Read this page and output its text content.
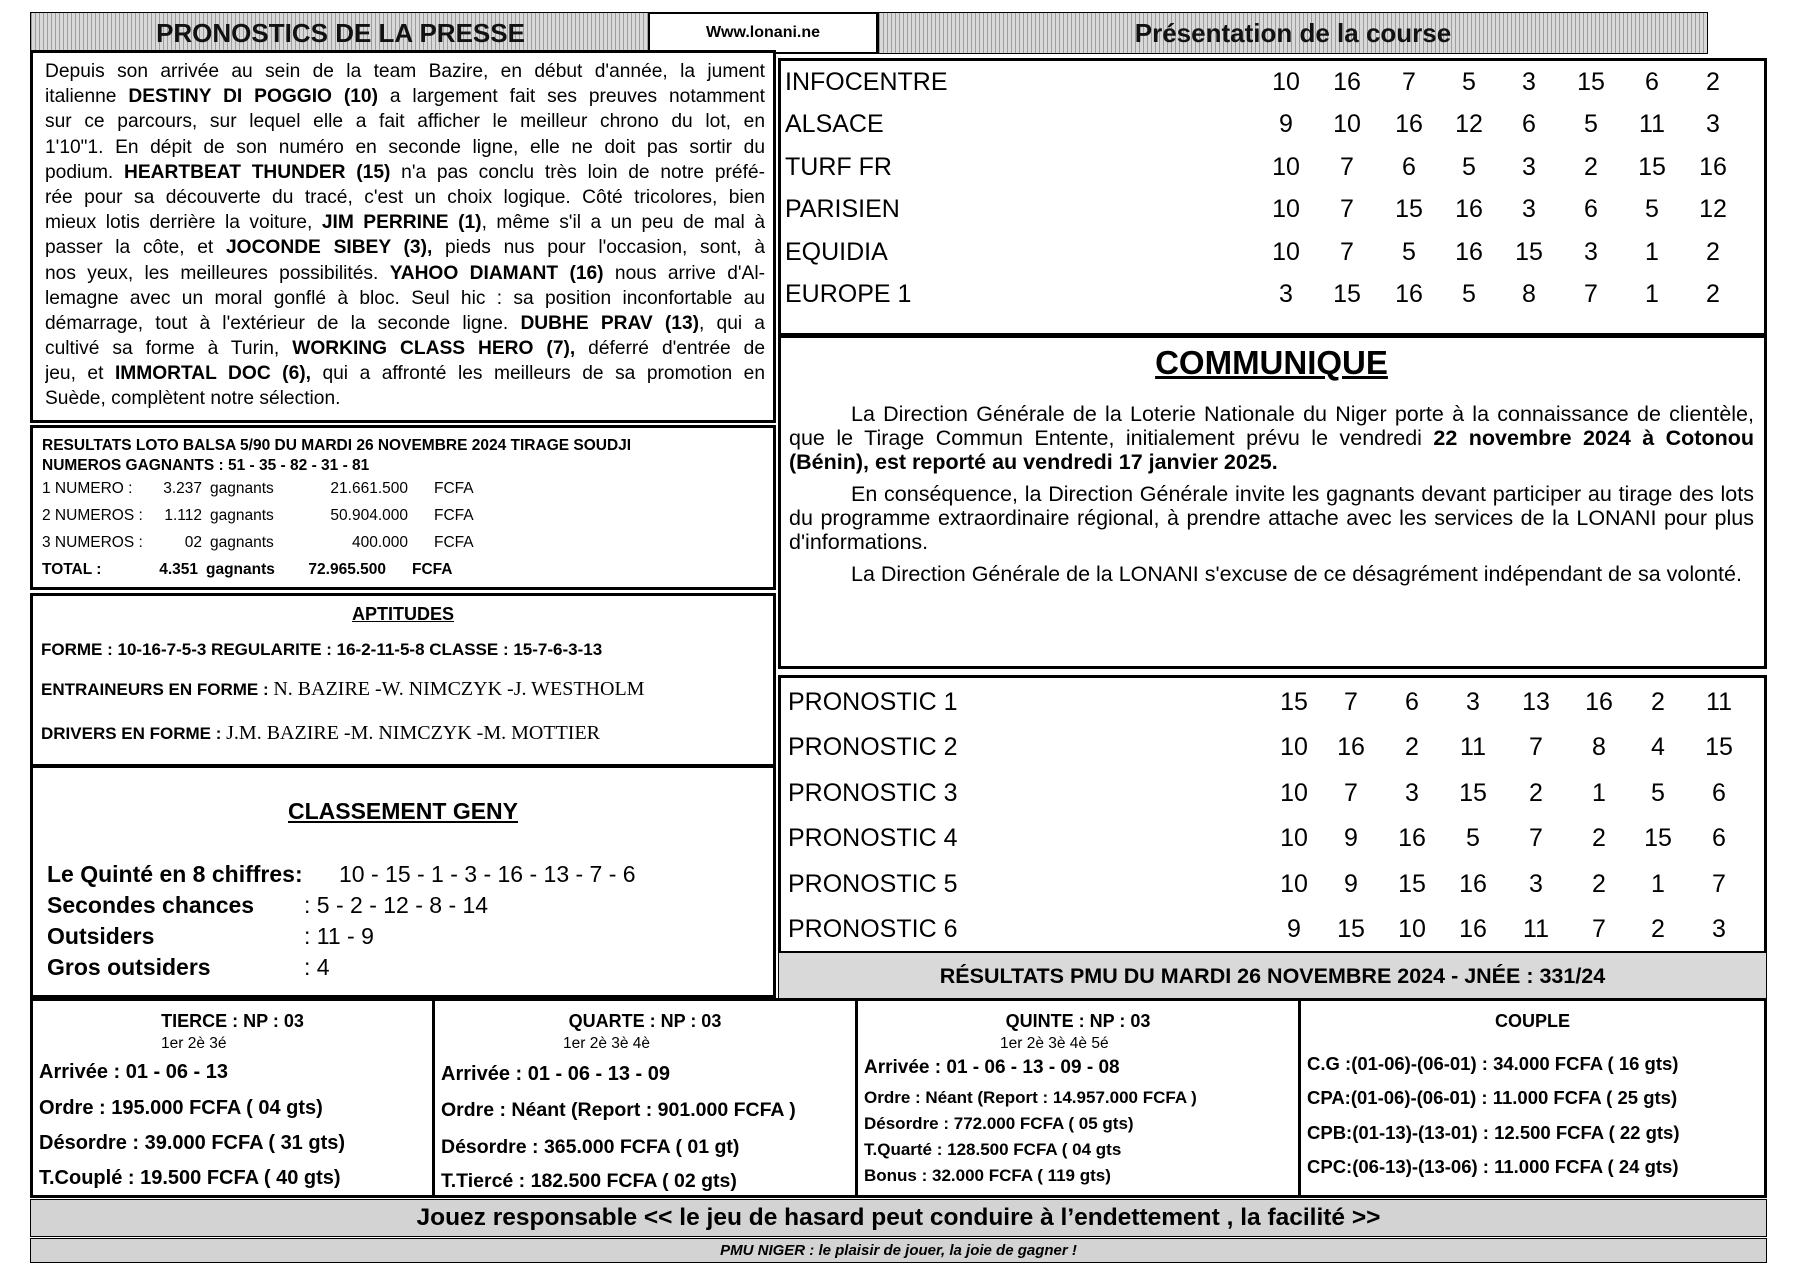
PRONOSTICS DE LA PRESSE	Www.lonani.ne	Présentation de la course
Depuis son arrivée au sein de la team Bazire, en début d'année, la jument
italienne DESTINY DI POGGIO (10) a largement fait ses preuves notamment
sur ce parcours, sur lequel elle a fait afficher le meilleur chrono du lot, en
1'10"1. En dépit de son numéro en seconde ligne, elle ne doit pas sortir du
podium. HEARTBEAT THUNDER (15) n'a pas conclu très loin de notre préfé-
rée pour sa découverte du tracé, c'est un choix logique. Côté tricolores, bien
mieux lotis derrière la voiture, JIM PERRINE (1), même s'il a un peu de mal à
passer la côte, et JOCONDE SIBEY (3), pieds nus pour l'occasion, sont, à
nos yeux, les meilleures possibilités. YAHOO DIAMANT (16) nous arrive d'Al-
lemagne avec un moral gonflé à bloc. Seul hic : sa position inconfortable au
démarrage, tout à l'extérieur de la seconde ligne. DUBHE PRAV (13), qui a
cultivé sa forme à Turin, WORKING CLASS HERO (7), déferré d'entrée de
jeu, et IMMORTAL DOC (6), qui a affronté les meilleurs de sa promotion en
Suède, complètent notre sélection.
INFOCENTRE	10	16	7	5	3	15	6	2
ALSACE	9	10	16	12	6	5	11	3
TURF FR	10	7	6	5	3	2	15	16
PARISIEN	10	7	15	16	3	6	5	12
EQUIDIA	10	7	5	16	15	3	1	2
EUROPE 1	3	15	16	5	8	7	1	2
RESULTATS LOTO BALSA 5/90 DU MARDI 26 NOVEMBRE 2024 TIRAGE SOUDJI
NUMEROS GAGNANTS : 51 - 35 - 82 - 31 - 81
1 NUMERO :	3.237 gagnants	21.661.500	FCFA
2 NUMEROS :	1.112 gagnants	50.904.000	FCFA
3 NUMEROS :	02 gagnants	400.000	FCFA
TOTAL :	4.351 gagnants	72.965.500	FCFA
APTITUDES
FORME : 10-16-7-5-3 REGULARITE : 16-2-11-5-8 CLASSE : 15-7-6-3-13
ENTRAINEURS EN FORME : N. BAZIRE -W. NIMCZYK -J. WESTHOLM
DRIVERS EN FORME : J.M. BAZIRE -M. NIMCZYK -M. MOTTIER
CLASSEMENT GENY
Le Quinté en 8 chiffres: 10 - 15 - 1 - 3 - 16 - 13 - 7 - 6
Secondes chances : 5 - 2 - 12 - 8 - 14
Outsiders	: 11 - 9
Gros outsiders	: 4
COMMUNIQUE

La Direction Générale de la Loterie Nationale du Niger porte à la connaissance de clientèle, que le Tirage Commun Entente, initialement prévu le vendredi 22 novembre 2024 à Cotonou (Bénin), est reporté au vendredi 17 janvier 2025.

En conséquence, la Direction Générale invite les gagnants devant participer au tirage des lots du programme extraordinaire régional, à prendre attache avec les services de la LONANI pour plus d'informations.

La Direction Générale de la LONANI s'excuse de ce désagrément indépendant de sa volonté.

PRONOSTIC 1	15	7	6	3	13	16	2	11
PRONOSTIC 2	10	16	2	11	7	8	4	15
PRONOSTIC 3	10	7	3	15	2	1	5	6
PRONOSTIC 4	10	9	16	5	7	2	15	6
PRONOSTIC 5	10	9	15	16	3	2	1	7
PRONOSTIC 6	9	15	10	16	11	7	2	3
RÉSULTATS PMU DU MARDI 26 NOVEMBRE 2024 - JNÉE : 331/24
TIERCE : NP : 03
1er 2è 3é
Arrivée : 01 - 06 - 13
Ordre : 195.000 FCFA ( 04 gts)
Désordre : 39.000 FCFA ( 31 gts)
T.Couplé : 19.500 FCFA ( 40 gts)
QUARTE : NP : 03
1er 2è 3è 4è
Arrivée : 01 - 06 - 13 - 09
Ordre : Néant (Report : 901.000 FCFA )
Désordre : 365.000 FCFA ( 01 gt)
T.Tiercé : 182.500 FCFA ( 02 gts)
QUINTE : NP : 03
1er 2è 3è 4è 5é
Arrivée : 01 - 06 - 13 - 09 - 08
Ordre : Néant (Report : 14.957.000 FCFA )
Désordre : 772.000 FCFA ( 05 gts)
T.Quarté : 128.500 FCFA ( 04 gts
Bonus : 32.000 FCFA ( 119 gts)
COUPLE
C.G :(01-06)-(06-01) : 34.000 FCFA ( 16 gts)
CPA:(01-06)-(06-01) : 11.000 FCFA ( 25 gts)
CPB:(01-13)-(13-01) : 12.500 FCFA ( 22 gts)
CPC:(06-13)-(13-06) : 11.000 FCFA ( 24 gts)
Jouez responsable << le jeu de hasard peut conduire à l’endettement , la facilité >>
PMU NIGER : le plaisir de jouer, la joie de gagner !
